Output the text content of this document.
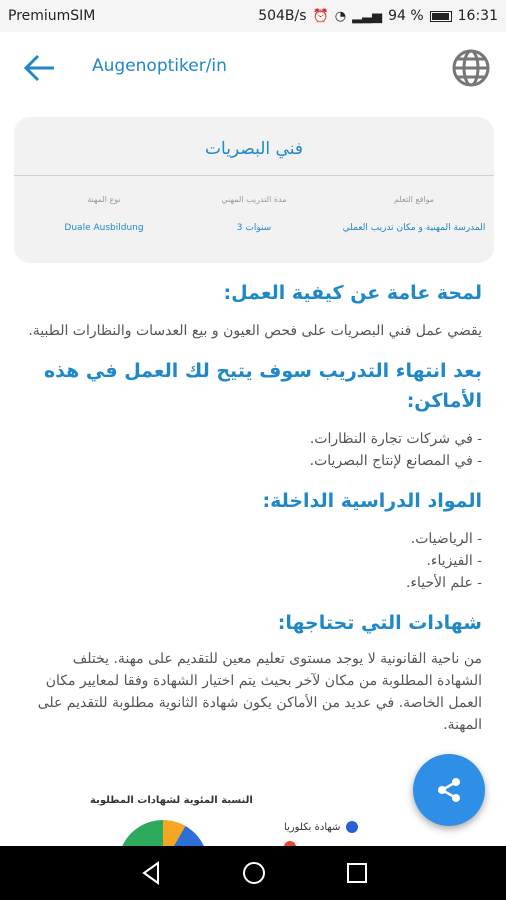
PremiumSIM	504B/s ⏰ ◔ ▂▃▅ 94 % 16:31
Augenoptiker/in
فني البصريات
نوع المهنة
Duale Ausbildung
مدة التدريب المهني
3 سنوات
مواقع التعلم
المدرسة المهنية و مكان تدريب العملي
لمحة عامة عن كيفية العمل:
يقضي عمل فني البصريات على فحص العيون و بيع العدسات والنظارات الطبية.
بعد انتهاء التدريب سوف يتيح لك العمل في هذه الأماكن:
- في شركات تجارة النظارات.
- في المصانع لإنتاج البصريات.
المواد الدراسية الداخلة:
- الرياضيات.
- الفيزياء.
- علم الأحياء.
شهادات التي تحتاجها:
من ناحية القانونية لا يوجد مستوى تعليم معين للتقديم على مهنة. يختلف الشهادة المطلوبة من مكان لآخر بحيث يتم اختيار الشهادة وفقا لمعايير مكان العمل الخاصة. في عديد من الأماكن يكون شهادة الثانوية مطلوبة للتقديم على المهنة.
النسبة المئوية لشهادات المطلوبة
شهادة بكلوريا
